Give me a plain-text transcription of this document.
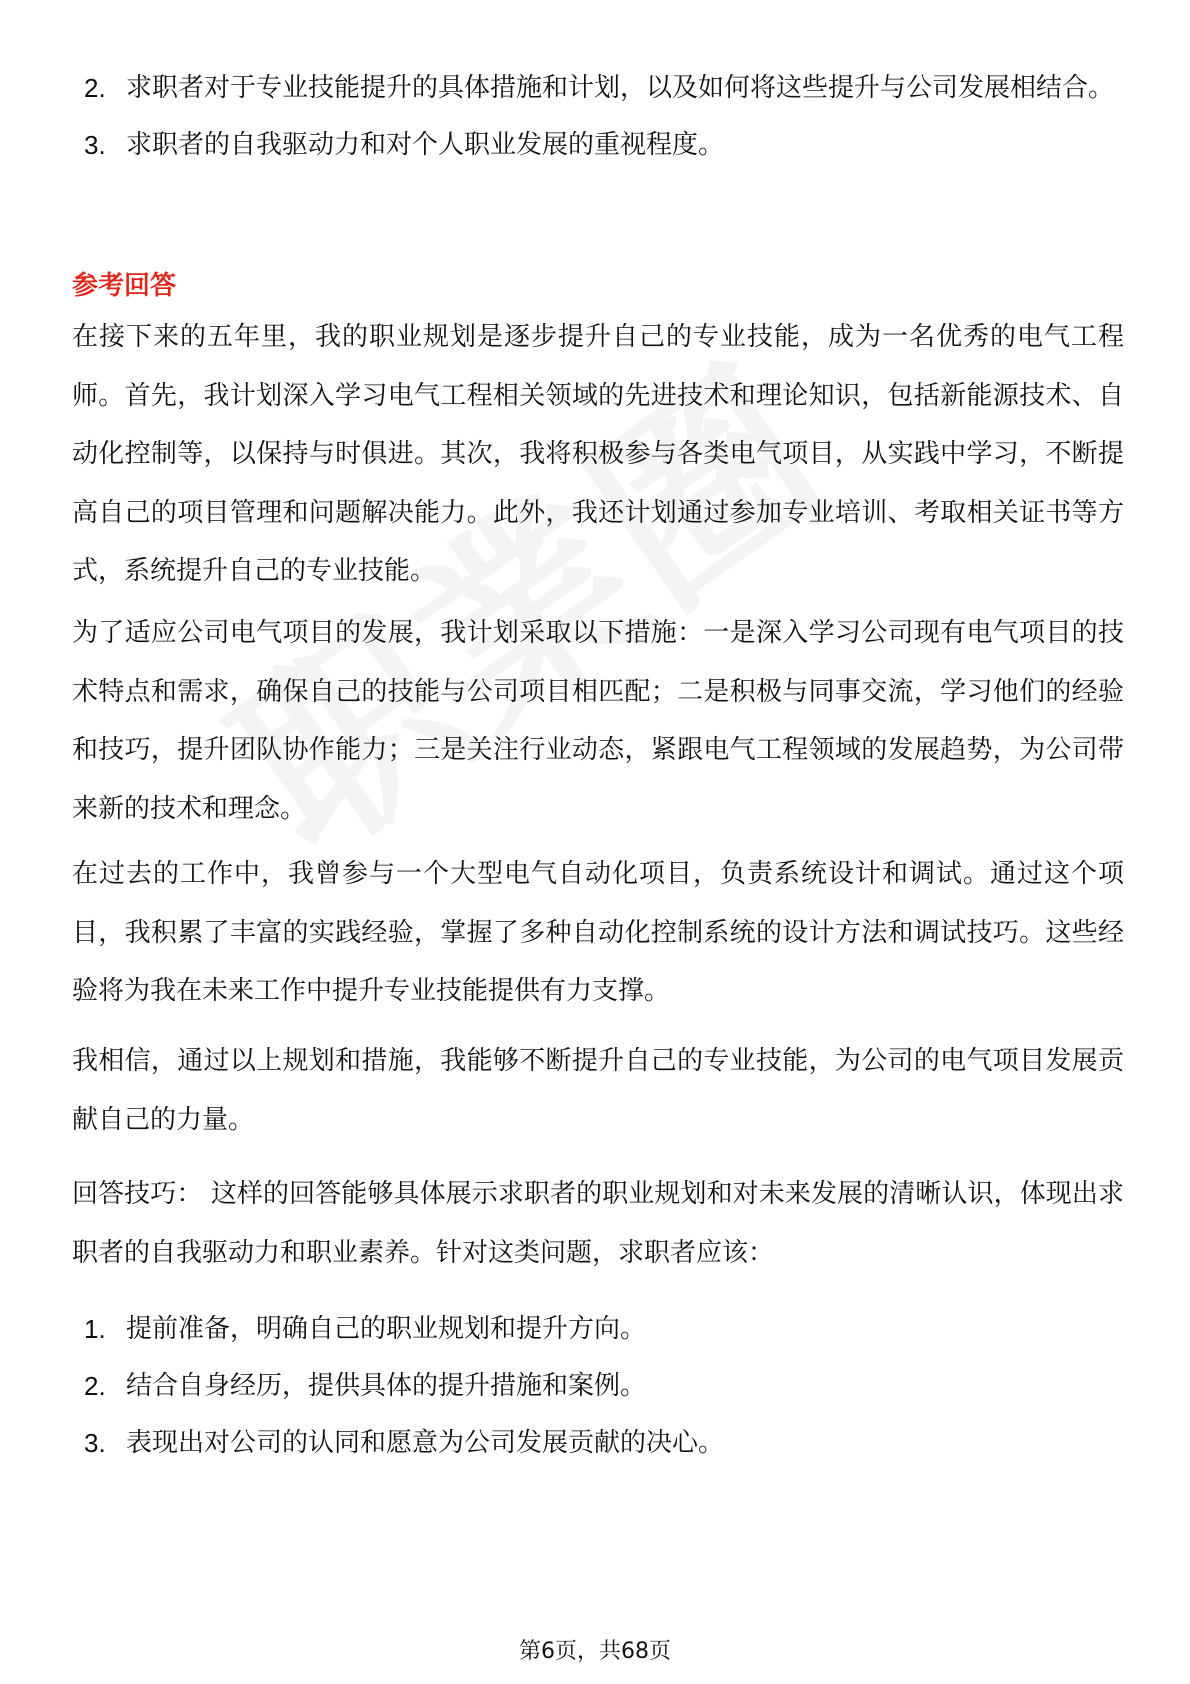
2. 求职者对于专业技能提升的具体措施和计划，以及如何将这些提升与公司发展相结合。
3. 求职者的自我驱动力和对个人职业发展的重视程度。
参考回答

在接下来的五年里，我的职业规划是逐步提升自己的专业技能，成为一名优秀的电气工程师。首先，我计划深入学习电气工程相关领域的先进技术和理论知识，包括新能源技术、自动化控制等，以保持与时俱进。其次，我将积极参与各类电气项目，从实践中学习，不断提高自己的项目管理和问题解决能力。此外，我还计划通过参加专业培训、考取相关证书等方式，系统提升自己的专业技能。

为了适应公司电气项目的发展，我计划采取以下措施：一是深入学习公司现有电气项目的技术特点和需求，确保自己的技能与公司项目相匹配；二是积极与同事交流，学习他们的经验和技巧，提升团队协作能力；三是关注行业动态，紧跟电气工程领域的发展趋势，为公司带来新的技术和理念。

在过去的工作中，我曾参与一个大型电气自动化项目，负责系统设计和调试。通过这个项目，我积累了丰富的实践经验，掌握了多种自动化控制系统的设计方法和调试技巧。这些经验将为我在未来工作中提升专业技能提供有力支撑。

我相信，通过以上规划和措施，我能够不断提升自己的专业技能，为公司的电气项目发展贡献自己的力量。

回答技巧： 这样的回答能够具体展示求职者的职业规划和对未来发展的清晰认识，体现出求职者的自我驱动力和职业素养。针对这类问题，求职者应该：

1. 提前准备，明确自己的职业规划和提升方向。
2. 结合自身经历，提供具体的提升措施和案例。
3. 表现出对公司的认同和愿意为公司发展贡献的决心。
第6页，共68页
